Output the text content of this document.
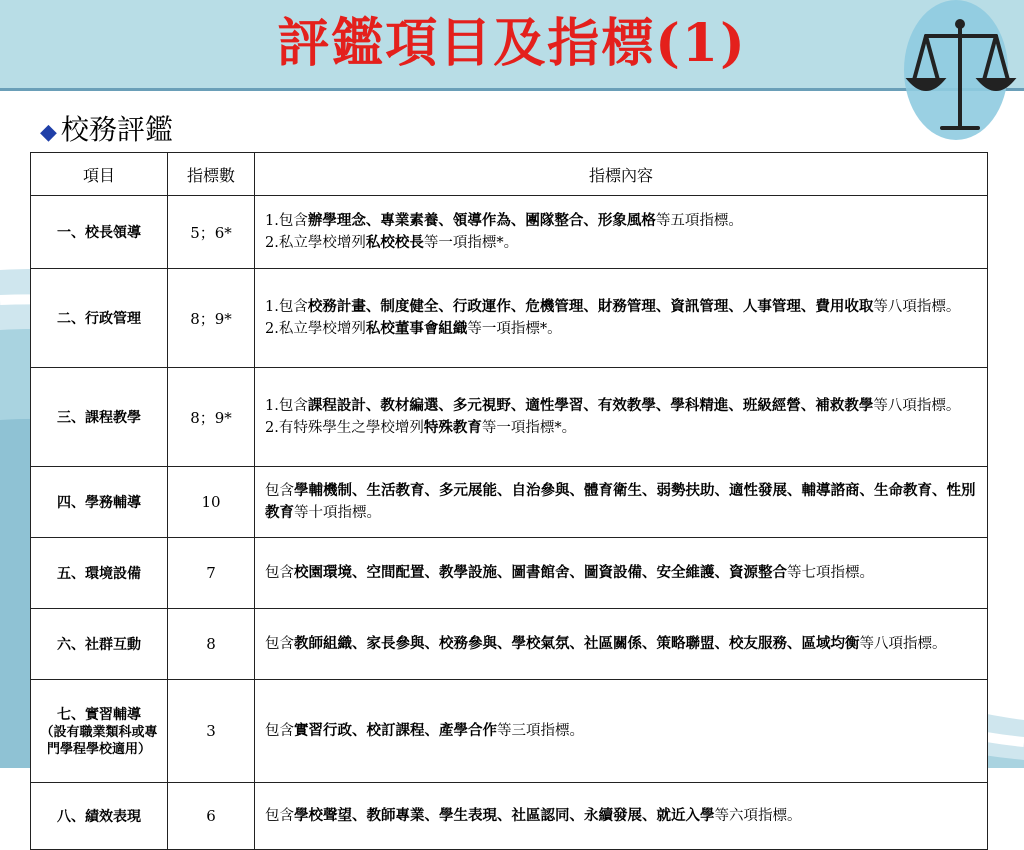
評鑑項目及指標(1)
◆ 校務評鑑
項目	指標數	指標內容
一、校長領導	5；6*	1.包含辦學理念、專業素養、領導作為、團隊整合、形象風格等五項指標。
2.私立學校增列私校校長等一項指標*。

二、行政管理	8；9*	1.包含校務計畫、制度健全、行政運作、危機管理、財務管理、資訊管理、人事管理、費用收取等八項指標。
2.私立學校增列私校董事會組織等一項指標*。

三、課程教學	8；9*	1.包含課程設計、教材編選、多元視野、適性學習、有效教學、學科精進、班級經營、補救教學等八項指標。
2.有特殊學生之學校增列特殊教育等一項指標*。

四、學務輔導	10	包含學輔機制、生活教育、多元展能、自治參與、體育衛生、弱勢扶助、適性發展、輔導諮商、生命教育、性別教育等十項指標。

五、環境設備	7	包含校園環境、空間配置、教學設施、圖書館舍、圖資設備、安全維護、資源整合等七項指標。

六、社群互動	8	包含教師組織、家長參與、校務參與、學校氣氛、社區關係、策略聯盟、校友服務、區域均衡等八項指標。

七、實習輔導
（設有職業類科或專門學程學校適用）	3	包含實習行政、校訂課程、產學合作等三項指標。

八、績效表現	6	包含學校聲望、教師專業、學生表現、社區認同、永續發展、就近入學等六項指標。
